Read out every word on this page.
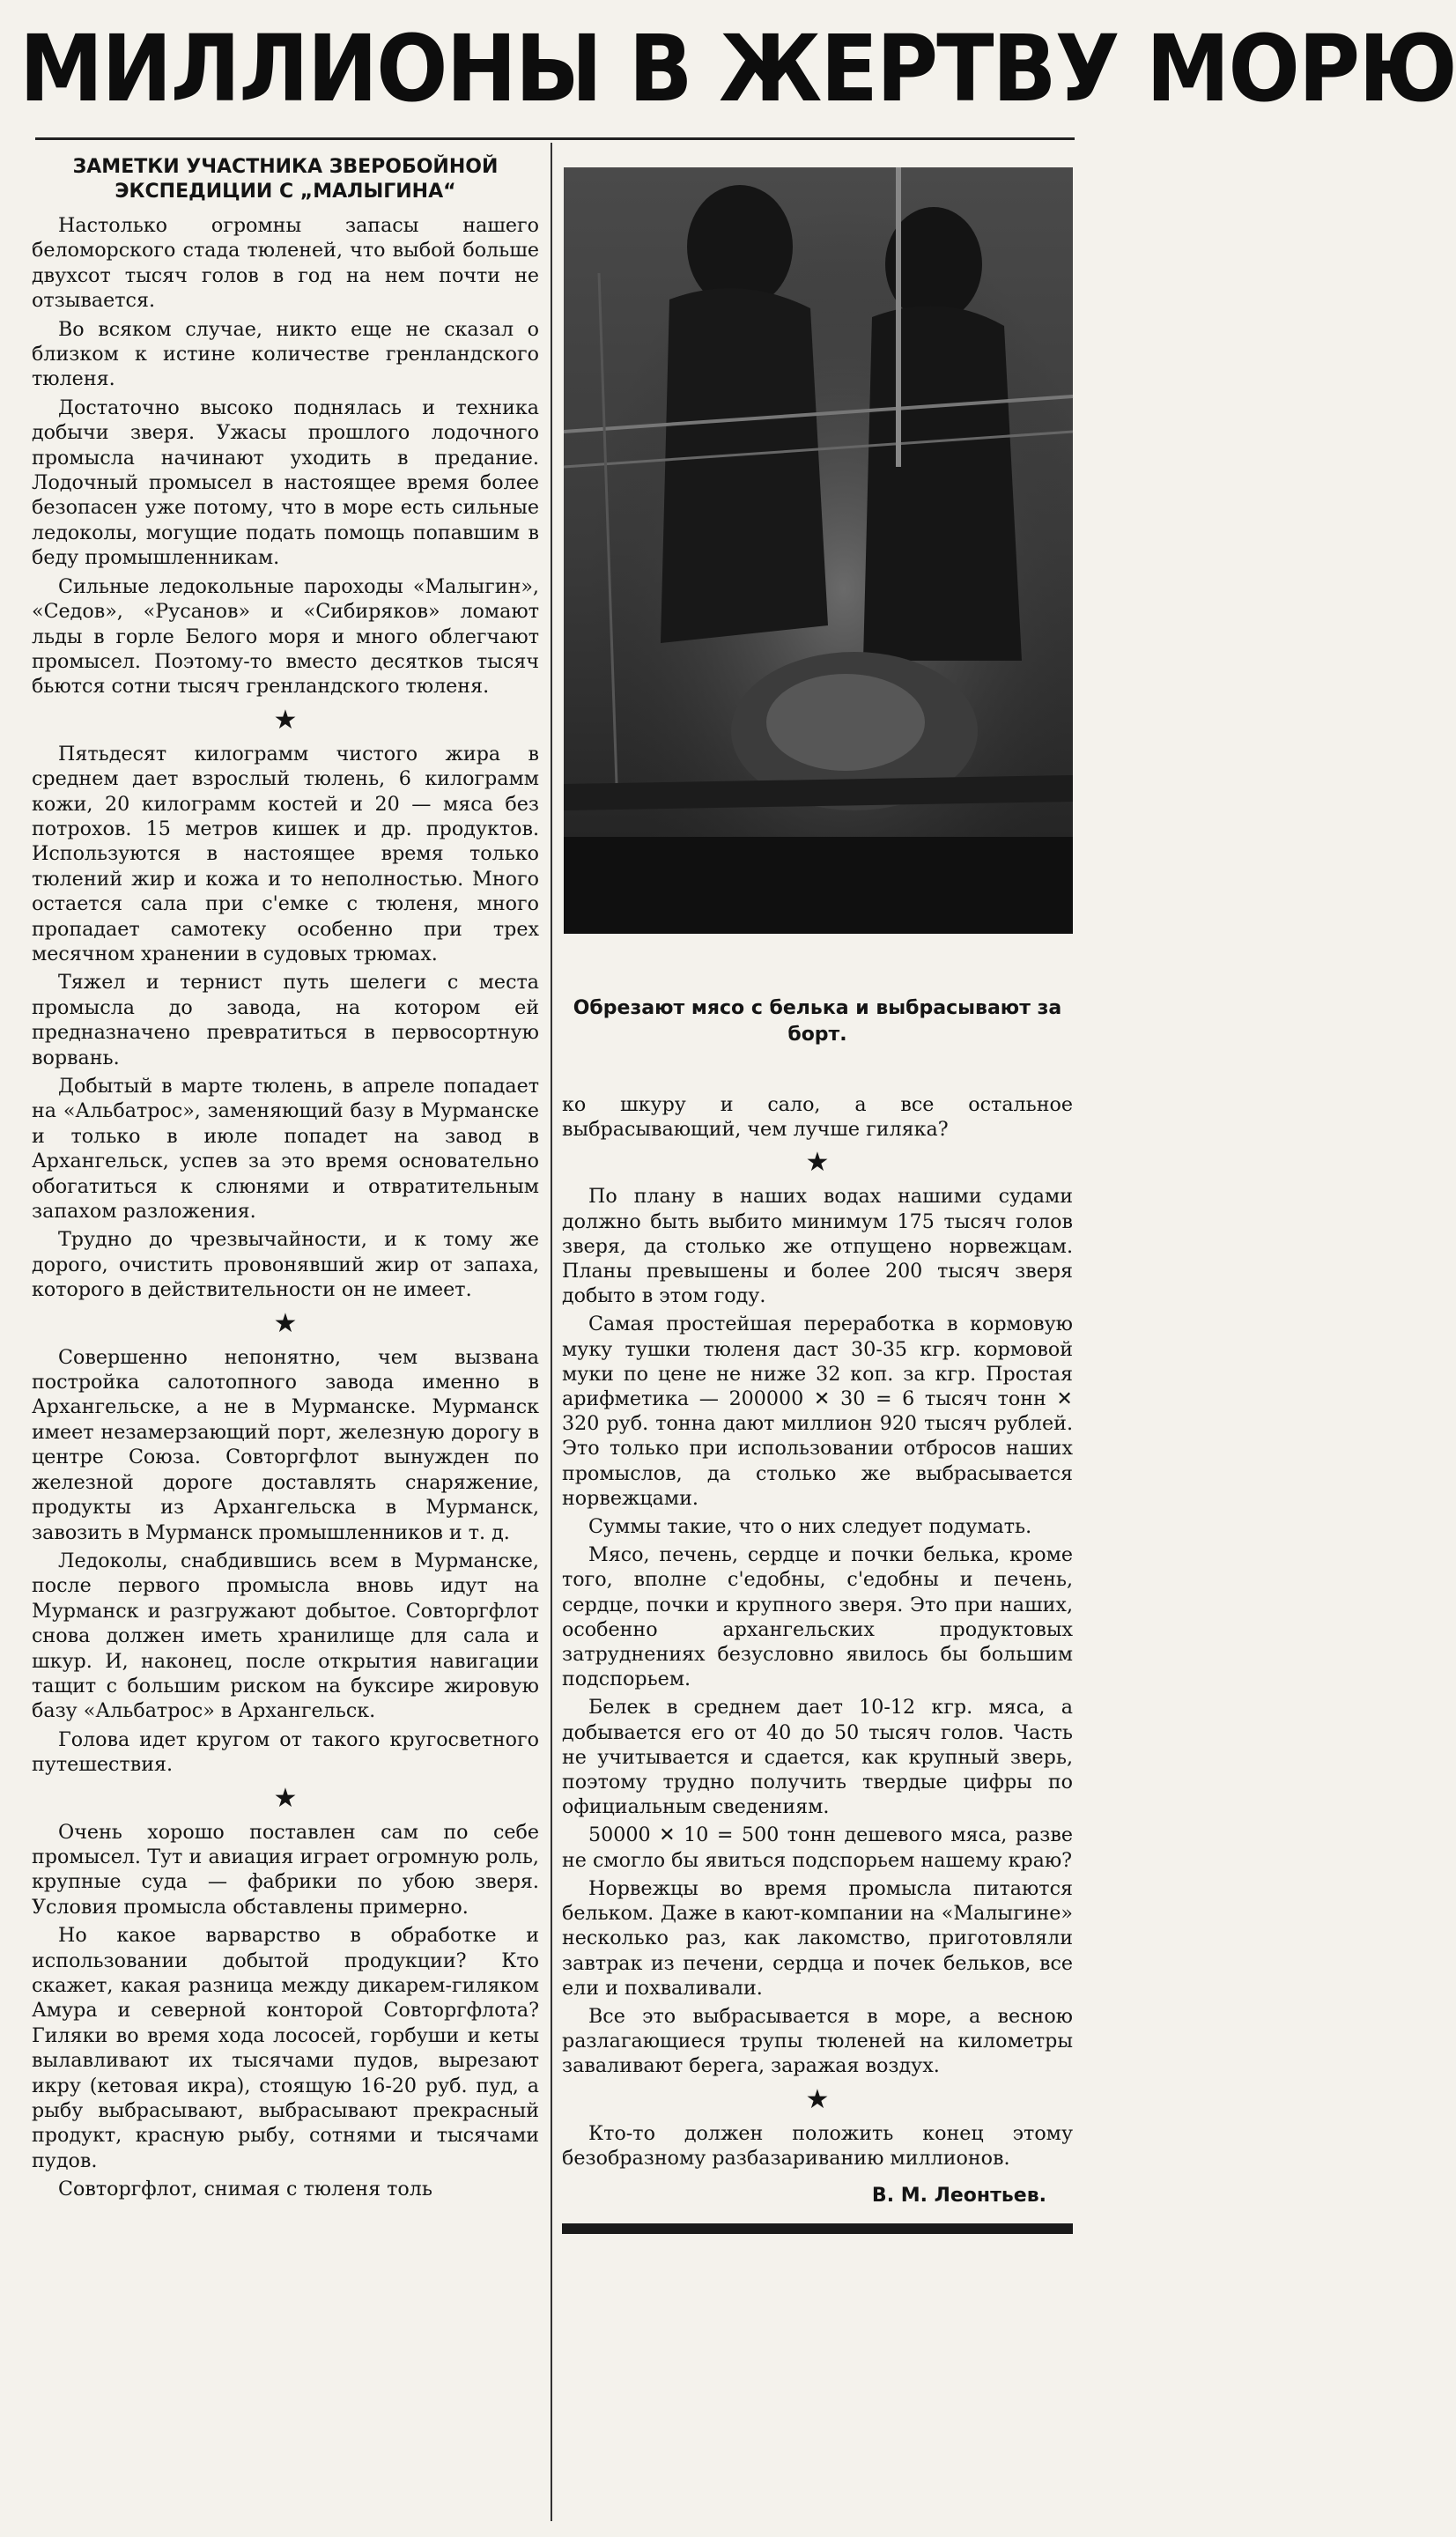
МИЛЛИОНЫ В ЖЕРТВУ МОРЮ
ЗАМЕТКИ УЧАСТНИКА ЗВЕРОБОЙНОЙ ЭКСПЕДИЦИИ С „МАЛЫГИНА“

Настолько огромны запасы нашего беломорского стада тюленей, что выбой больше двухсот тысяч голов в год на нем почти не отзывается.

Во всяком случае, никто еще не сказал о близком к истине количестве гренландского тюленя.

Достаточно высоко поднялась и техника добычи зверя. Ужасы прошлого лодочного промысла начинают уходить в предание. Лодочный промысел в настоящее время более безопасен уже потому, что в море есть сильные ледоколы, могущие подать помощь попавшим в беду промышленникам.

Сильные ледокольные пароходы «Малыгин», «Седов», «Русанов» и «Сибиряков» ломают льды в горле Белого моря и много облегчают промысел. Поэтому-то вместо десятков тысяч бьются сотни тысяч гренландского тюленя.

★

Пятьдесят килограмм чистого жира в среднем дает взрослый тюлень, 6 килограмм кожи, 20 килограмм костей и 20 — мяса без потрохов. 15 метров кишек и др. продуктов. Используются в настоящее время только тюлений жир и кожа и то неполностью. Много остается сала при с'емке с тюленя, много пропадает самотеку особенно при трех месячном хранении в судовых трюмах.

Тяжел и тернист путь шелеги с места промысла до завода, на котором ей предназначено превратиться в первосортную ворвань.

Добытый в марте тюлень, в апреле попадает на «Альбатрос», заменяющий базу в Мурманске и только в июле попадет на завод в Архангельск, успев за это время основательно обогатиться к слюнями и отвратительным запахом разложения.

Трудно до чрезвычайности, и к тому же дорого, очистить провонявший жир от запаха, которого в действительности он не имеет.

★

Совершенно непонятно, чем вызвана постройка салотопного завода именно в Архангельске, а не в Мурманске. Мурманск имеет незамерзающий порт, железную дорогу в центре Союза. Совторгфлот вынужден по железной дороге доставлять снаряжение, продукты из Архангельска в Мурманск, завозить в Мурманск промышленников и т. д.

Ледоколы, снабдившись всем в Мурманске, после первого промысла вновь идут на Мурманск и разгружают добытое. Совторгфлот снова должен иметь хранилище для сала и шкур. И, наконец, после открытия навигации тащит с большим риском на буксире жировую базу «Альбатрос» в Архангельск.

Голова идет кругом от такого кругосветного путешествия.

★

Очень хорошо поставлен сам по себе промысел. Тут и авиация играет огромную роль, крупные суда — фабрики по убою зверя. Условия промысла обставлены примерно.

Но какое варварство в обработке и использовании добытой продукции? Кто скажет, какая разница между дикарем-гиляком Амура и северной конторой Совторгфлота? Гиляки во время хода лососей, горбуши и кеты вылавливают их тысячами пудов, вырезают икру (кетовая икра), стоящую 16-20 руб. пуд, а рыбу выбрасывают, выбрасывают прекрасный продукт, красную рыбу, сотнями и тысячами пудов.

Совторгфлот, снимая с тюленя толь

Обрезают мясо с белька и выбрасывают за борт.

ко шкуру и сало, а все остальное выбрасывающий, чем лучше гиляка?

★

По плану в наших водах нашими судами должно быть выбито минимум 175 тысяч голов зверя, да столько же отпущено норвежцам. Планы превышены и более 200 тысяч зверя добыто в этом году.

Самая простейшая переработка в кормовую муку тушки тюленя даст 30-35 кгр. кормовой муки по цене не ниже 32 коп. за кгр. Простая арифметика — 200000 ✕ 30 = 6 тысяч тонн ✕ 320 руб. тонна дают миллион 920 тысяч рублей. Это только при использовании отбросов наших промыслов, да столько же выбрасывается норвежцами.

Суммы такие, что о них следует подумать.

Мясо, печень, сердце и почки белька, кроме того, вполне с'едобны, с'едобны и печень, сердце, почки и крупного зверя. Это при наших, особенно архангельских продуктовых затруднениях безусловно явилось бы большим подспорьем.

Белек в среднем дает 10-12 кгр. мяса, а добывается его от 40 до 50 тысяч голов. Часть не учитывается и сдается, как крупный зверь, поэтому трудно получить твердые цифры по официальным сведениям.

50000 ✕ 10 = 500 тонн дешевого мяса, разве не смогло бы явиться подспорьем нашему краю?

Норвежцы во время промысла питаются бельком. Даже в кают-компании на «Малыгине» несколько раз, как лакомство, приготовляли завтрак из печени, сердца и почек бельков, все ели и похваливали.

Все это выбрасывается в море, а весною разлагающиеся трупы тюленей на километры заваливают берега, заражая воздух.

★

Кто-то должен положить конец этому безобразному разбазариванию миллионов.

В. М. Леонтьев.
